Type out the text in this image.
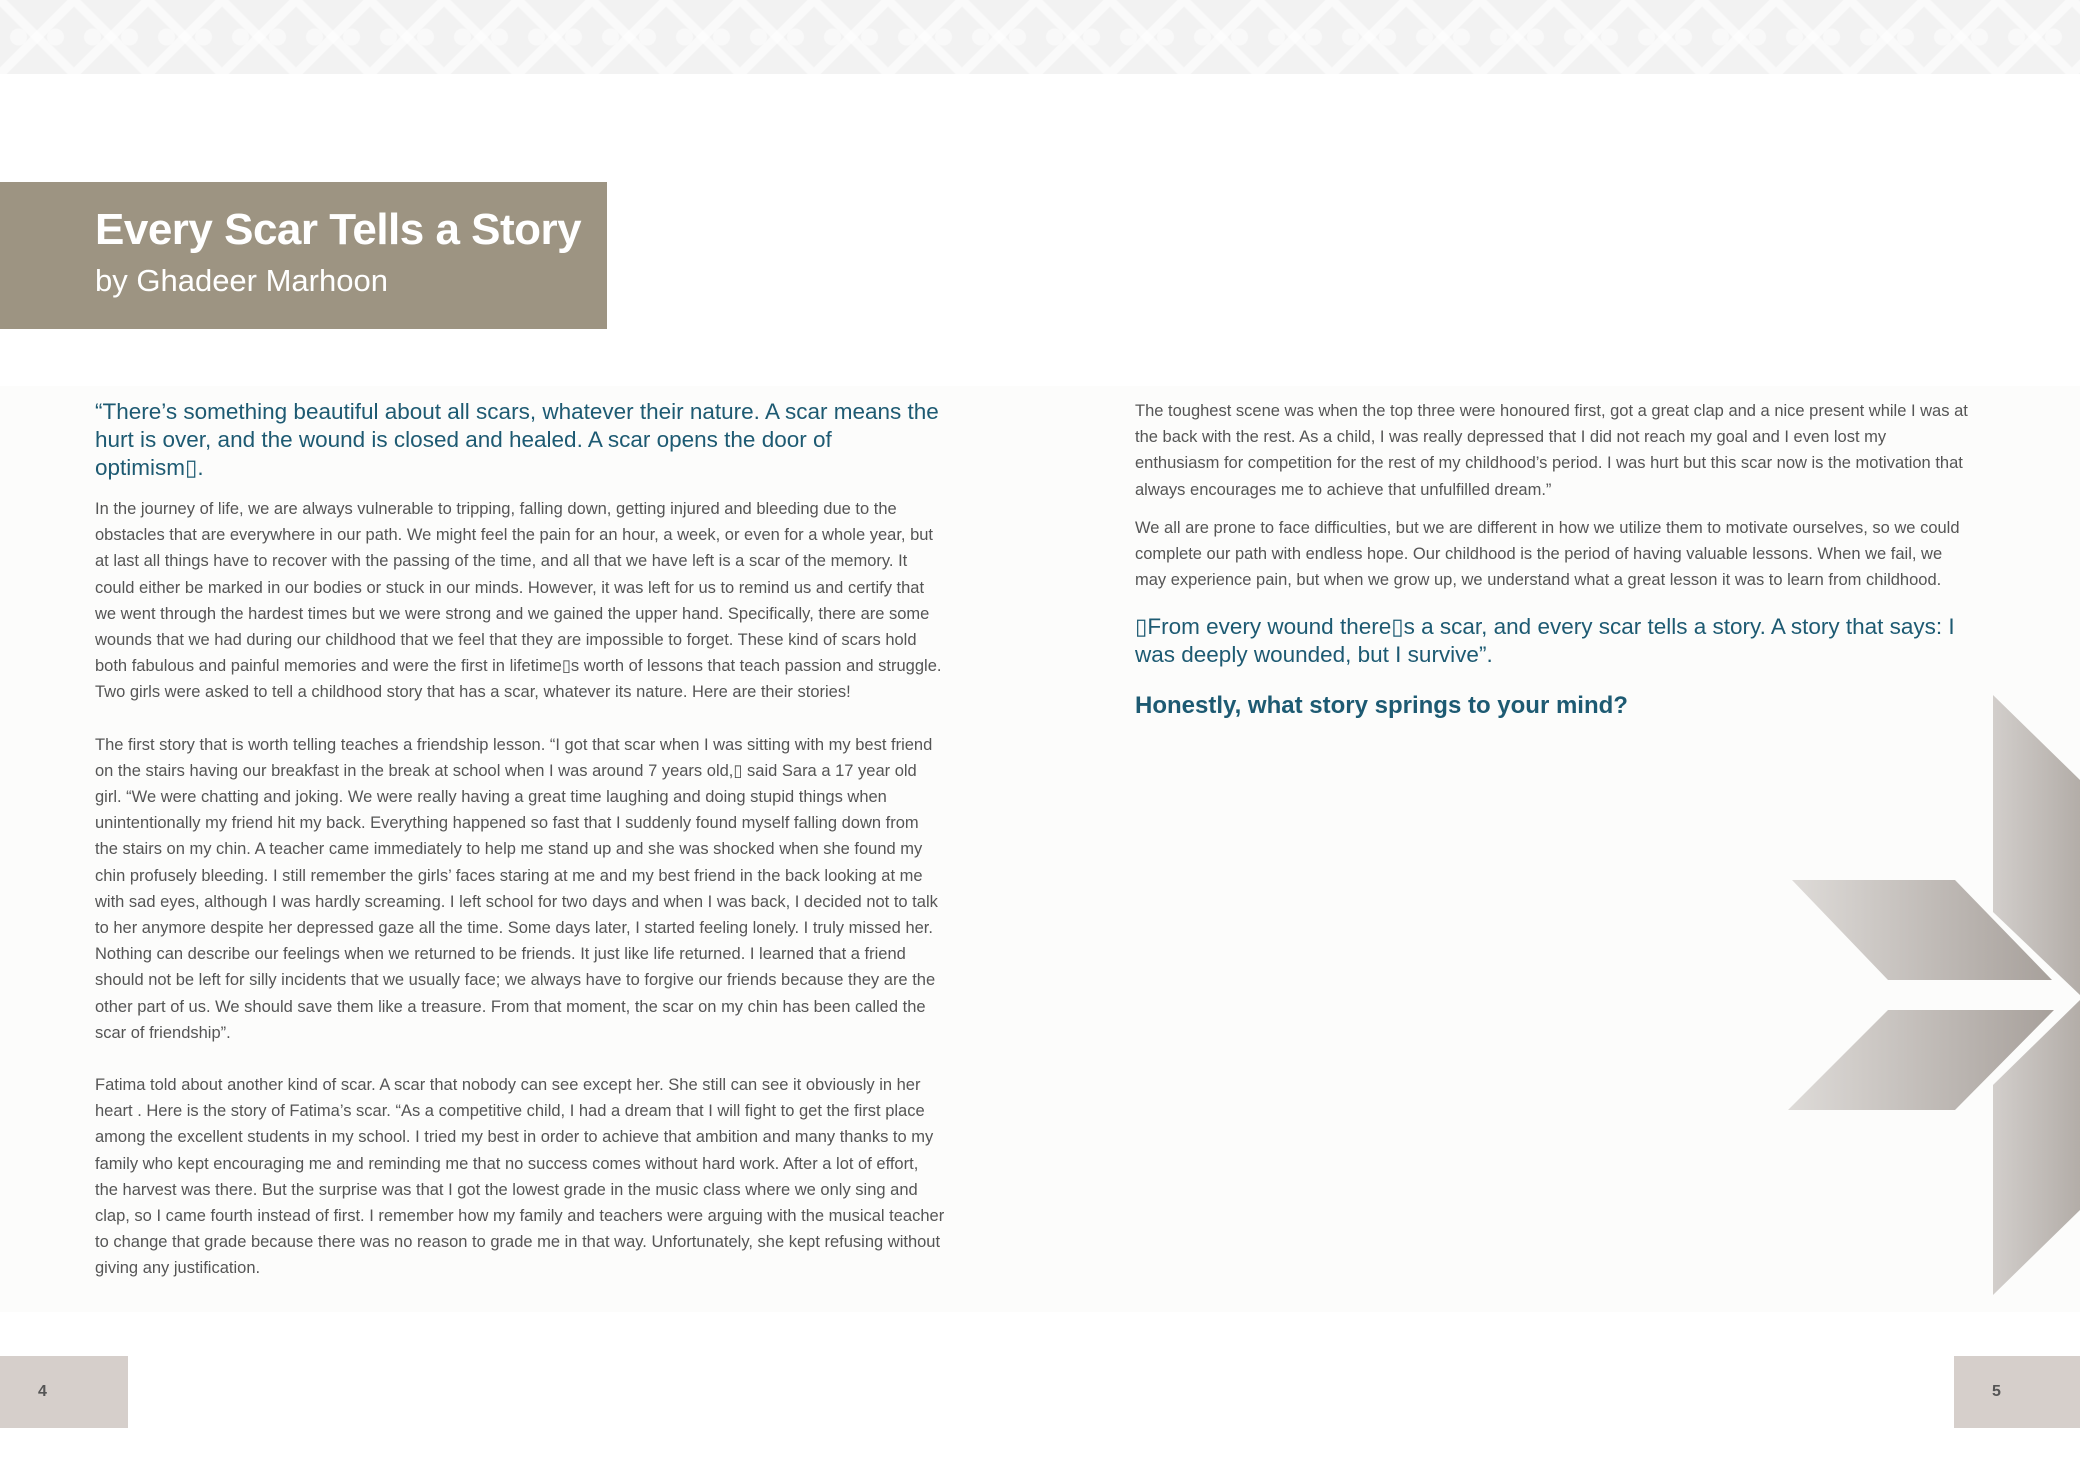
Every Scar Tells a Story
by Ghadeer Marhoon

“There’s something beautiful about all scars, whatever their nature. A scar means the hurt is over, and the wound is closed and healed. A scar opens the door of optimism▯.

In the journey of life, we are always vulnerable to tripping, falling down, getting injured and bleeding due to the obstacles that are everywhere in our path. We might feel the pain for an hour, a week, or even for a whole year, but at last all things have to recover with the passing of the time, and all that we have left is a scar of the memory. It could either be marked in our bodies or stuck in our minds. However, it was left for us to remind us and certify that we went through the hardest times but we were strong and we gained the upper hand. Specifically, there are some wounds that we had during our childhood that we feel that they are impossible to forget. These kind of scars hold both fabulous and painful memories and were the first in lifetime▯s worth of lessons that teach passion and struggle. Two girls were asked to tell a childhood story that has a scar, whatever its nature. Here are their stories!

The first story that is worth telling teaches a friendship lesson. “I got that scar when I was sitting with my best friend on the stairs having our breakfast in the break at school when I was around 7 years old,▯ said Sara a 17 year old girl. “We were chatting and joking. We were really having a great time laughing and doing stupid things when unintentionally my friend hit my back. Everything happened so fast that I suddenly found myself falling down from the stairs on my chin. A teacher came immediately to help me stand up and she was shocked when she found my chin profusely bleeding. I still remember the girls’ faces staring at me and my best friend in the back looking at me with sad eyes, although I was hardly screaming. I left school for two days and when I was back, I decided not to talk to her anymore despite her depressed gaze all the time. Some days later, I started feeling lonely. I truly missed her. Nothing can describe our feelings when we returned to be friends. It just like life returned. I learned that a friend should not be left for silly incidents that we usually face; we always have to forgive our friends because they are the other part of us. We should save them like a treasure. From that moment, the scar on my chin has been called the scar of friendship”.

Fatima told about another kind of scar. A scar that nobody can see except her. She still can see it obviously in her heart . Here is the story of Fatima’s scar. “As a competitive child, I had a dream that I will fight to get the first place among the excellent students in my school. I tried my best in order to achieve that ambition and many thanks to my family who kept encouraging me and reminding me that no success comes without hard work. After a lot of effort, the harvest was there. But the surprise was that I got the lowest grade in the music class where we only sing and clap, so I came fourth instead of first. I remember how my family and teachers were arguing with the musical teacher to change that grade because there was no reason to grade me in that way. Unfortunately, she kept refusing without giving any justification.

The toughest scene was when the top three were honoured first, got a great clap and a nice present while I was at the back with the rest. As a child, I was really depressed that I did not reach my goal and I even lost my enthusiasm for competition for the rest of my childhood’s period. I was hurt but this scar now is the motivation that always encourages me to achieve that unfulfilled dream.”

We all are prone to face difficulties, but we are different in how we utilize them to motivate ourselves, so we could complete our path with endless hope. Our childhood is the period of having valuable lessons. When we fail, we may experience pain, but when we grow up, we understand what a great lesson it was to learn from childhood.

▯From every wound there▯s a scar, and every scar tells a story. A story that says: I was deeply wounded, but I survive”.

Honestly, what story springs to your mind?

4	5
